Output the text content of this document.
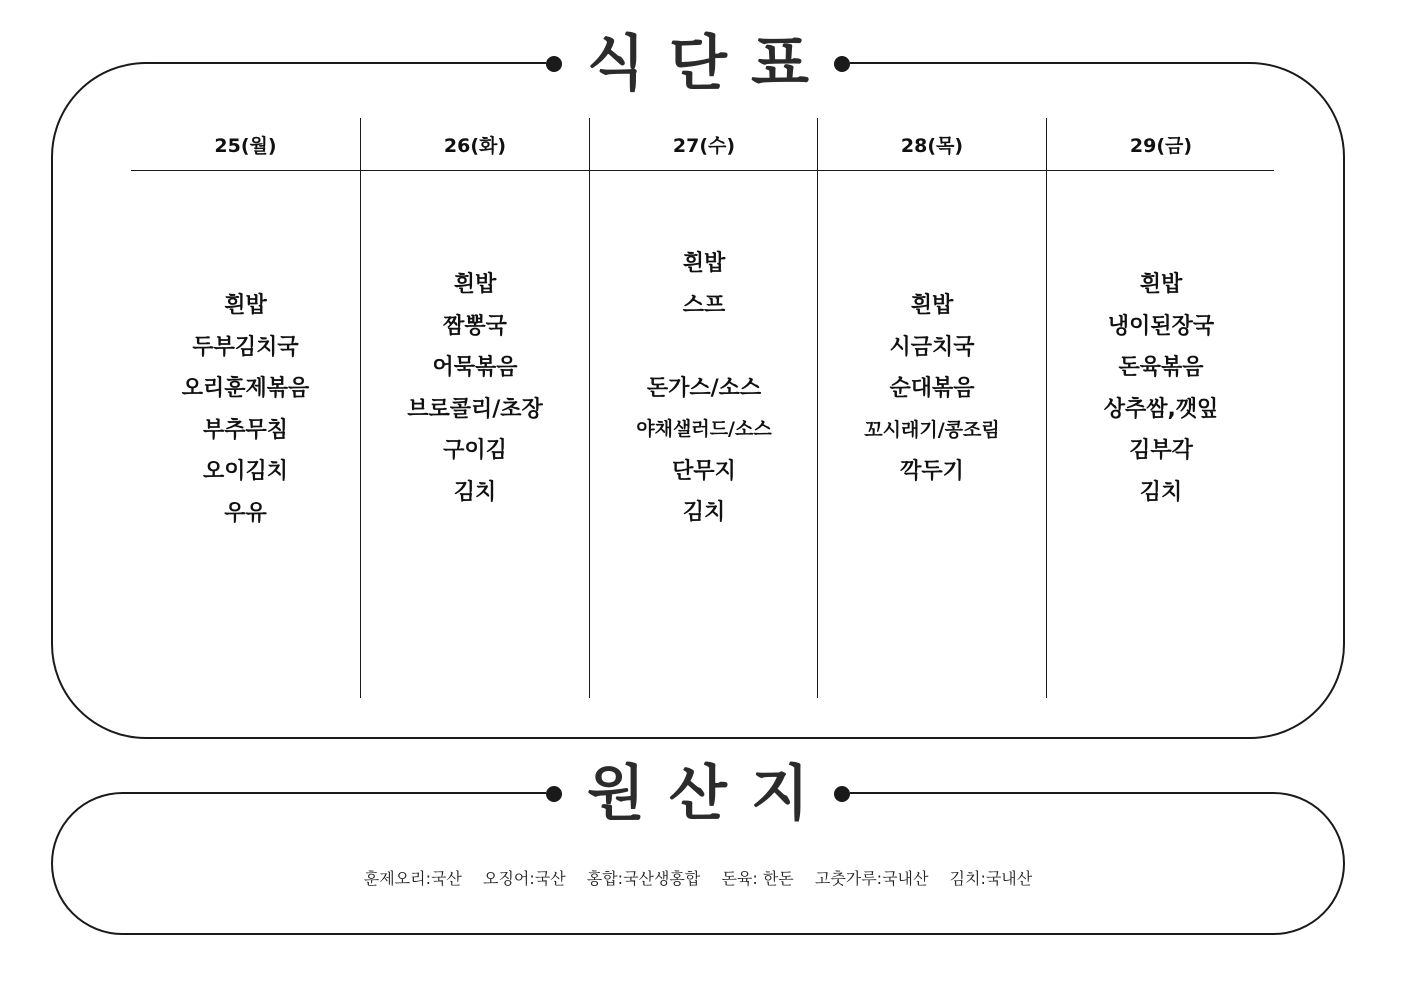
식단표
25(월)
흰밥
두부김치국
오리훈제볶음
부추무침
오이김치
우유
26(화)
흰밥
짬뽕국
어묵볶음
브로콜리/초장
구이김
김치
27(수)
흰밥
스프
돈가스/소스
야채샐러드/소스
단무지
김치
28(목)
흰밥
시금치국
순대볶음
꼬시래기/콩조림
깍두기
29(금)
흰밥
냉이된장국
돈육볶음
상추쌈,깻잎
김부각
김치
원산지
훈제오리:국산 오징어:국산 홍합:국산생홍합 돈육: 한돈 고춧가루:국내산 김치:국내산
